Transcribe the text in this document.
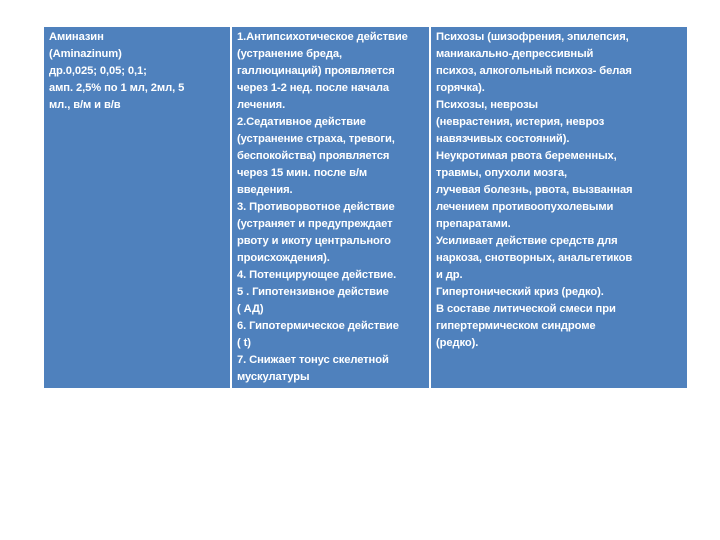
Аминазин
(Aminazinum)
др.0,025; 0,05; 0,1;
амп. 2,5% по 1 мл, 2мл, 5
мл., в/м и в/в

1.Антипсихотическое действие
(устранение бреда,
галлюцинаций) проявляется
через 1-2 нед. после начала
лечения.
2.Седативное действие
(устранение страха, тревоги,
беспокойства) проявляется
через 15 мин. после в/м
введения.
3. Противорвотное действие
(устраняет и предупреждает
рвоту и икоту центрального
происхождения).
4. Потенцирующее действие.
5 . Гипотензивное действие
( АД)
6. Гипотермическое действие
( t)
7. Снижает тонус скелетной
мускулатуры

Психозы (шизофрения, эпилепсия,
маниакально-депрессивный
психоз, алкогольный психоз- белая
горячка).
Психозы, неврозы
(неврастения, истерия, невроз
навязчивых состояний).
Неукротимая рвота беременных,
травмы, опухоли мозга,
лучевая болезнь, рвота, вызванная
лечением противоопухолевыми
препаратами.
Усиливает действие средств для
наркоза, снотворных, анальгетиков
и др.
Гипертонический криз (редко).
В составе литической смеси при
гипертермическом синдроме
(редко).
